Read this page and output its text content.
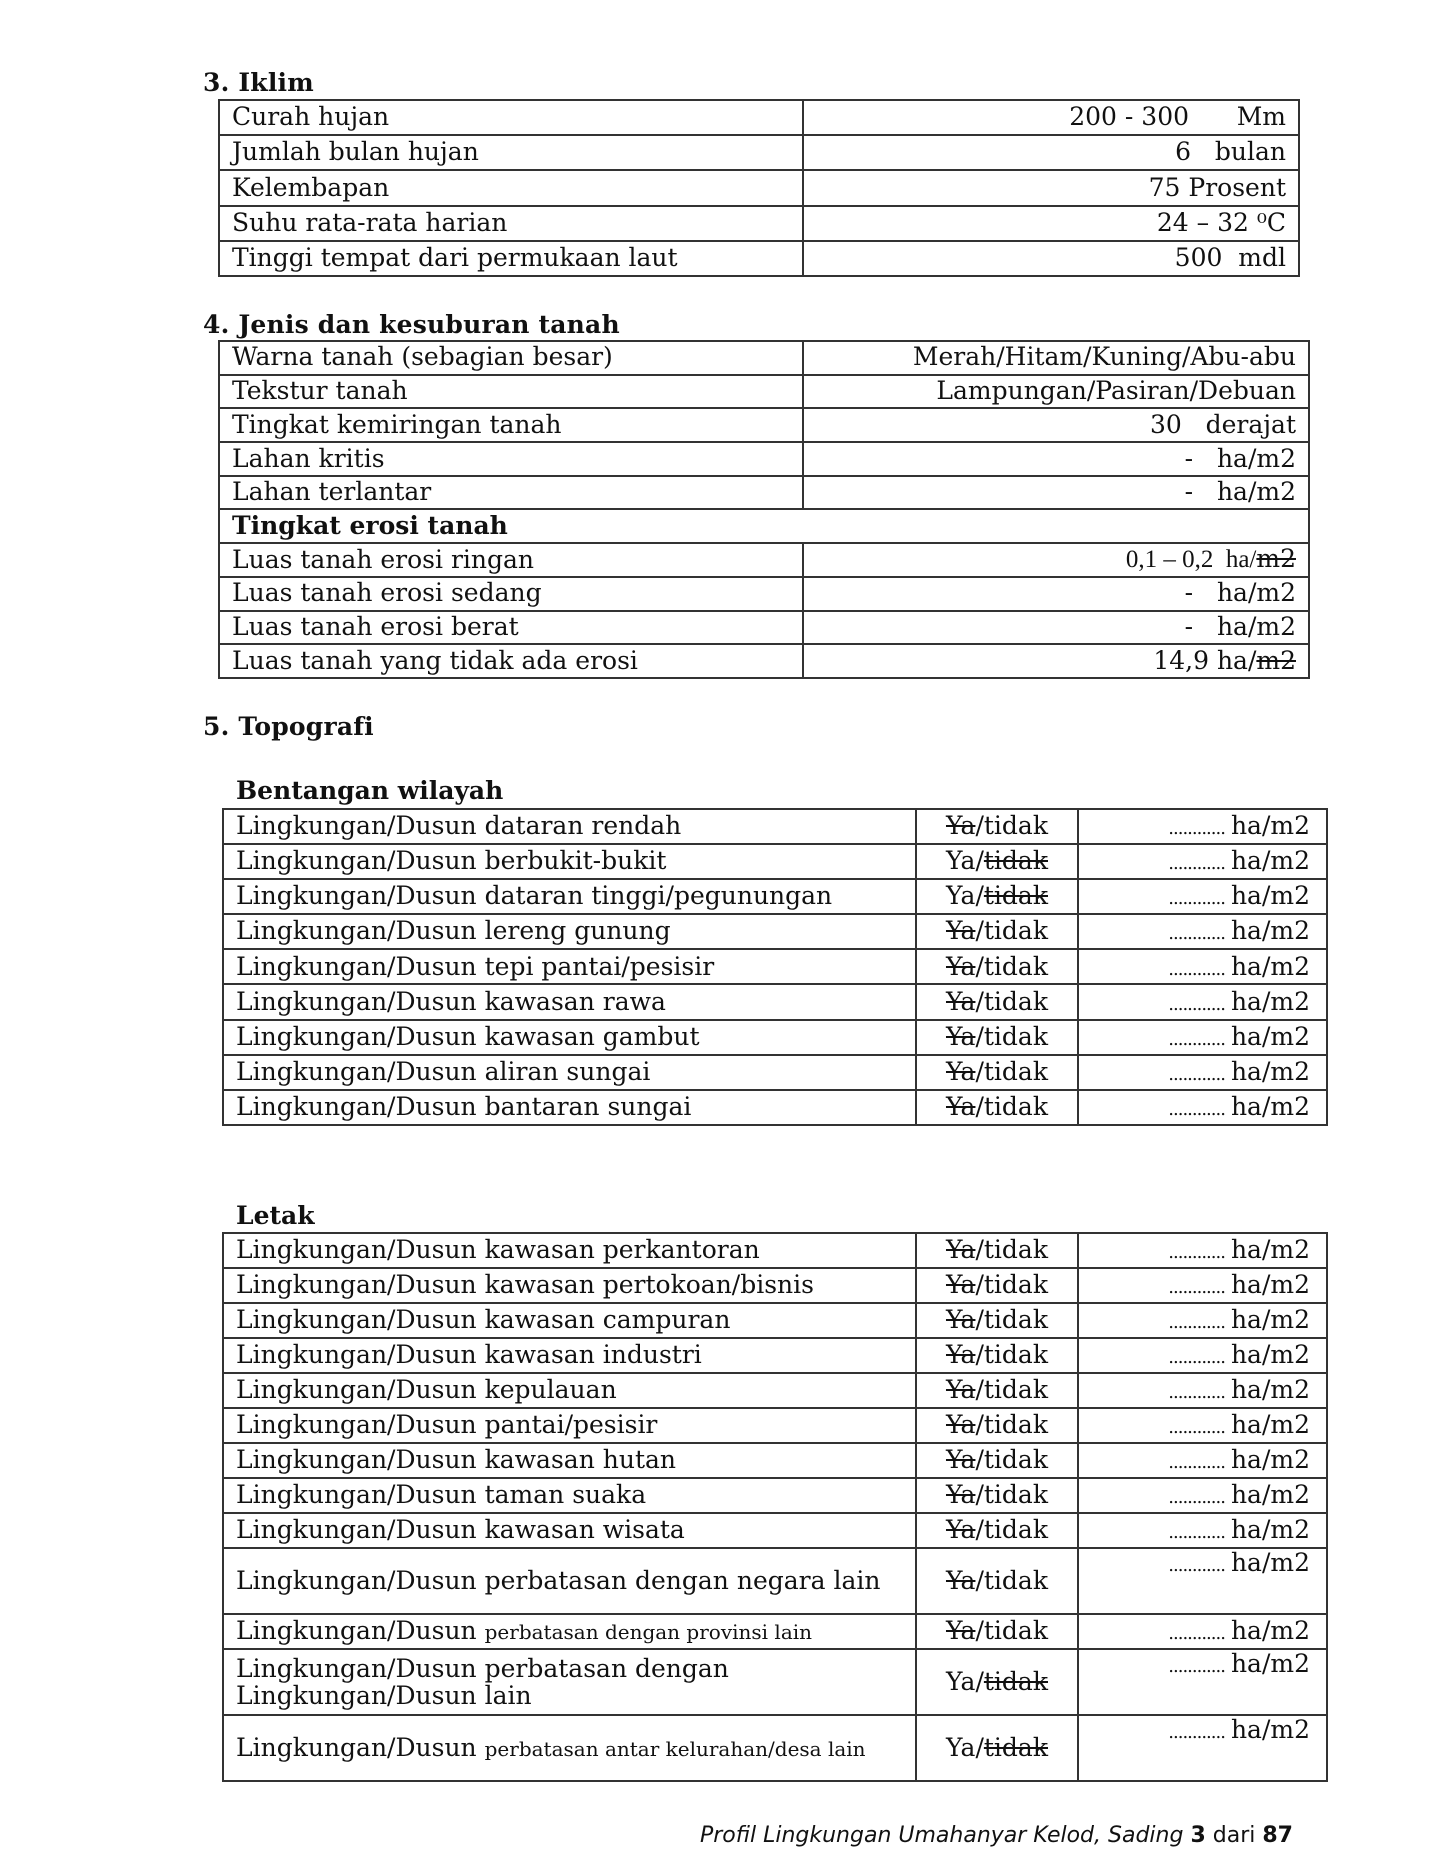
3. Iklim
Curah hujan	200 - 300      Mm
Jumlah bulan hujan	6   bulan
Kelembapan	75 Prosent
Suhu rata-rata harian	24 – 32 ⁰C
Tinggi tempat dari permukaan laut	500  mdl
4. Jenis dan kesuburan tanah
Warna tanah (sebagian besar)	Merah/Hitam/Kuning/Abu-abu
Tekstur tanah	Lampungan/Pasiran/Debuan
Tingkat kemiringan tanah	30   derajat
Lahan kritis	-   ha/m2
Lahan terlantar	-   ha/m2
Tingkat erosi tanah	
Luas tanah erosi ringan	0,1 – 0,2  ha/m2
Luas tanah erosi sedang	-   ha/m2
Luas tanah erosi berat	-   ha/m2
Luas tanah yang tidak ada erosi	14,9 ha/m2
5. Topografi
Bentangan wilayah
Lingkungan/Dusun dataran rendah	Ya/tidak	............ ha/m2
Lingkungan/Dusun berbukit-bukit	Ya/tidak	............ ha/m2
Lingkungan/Dusun dataran tinggi/pegunungan	Ya/tidak	............ ha/m2
Lingkungan/Dusun lereng gunung	Ya/tidak	............ ha/m2
Lingkungan/Dusun tepi pantai/pesisir	Ya/tidak	............ ha/m2
Lingkungan/Dusun kawasan rawa	Ya/tidak	............ ha/m2
Lingkungan/Dusun kawasan gambut	Ya/tidak	............ ha/m2
Lingkungan/Dusun aliran sungai	Ya/tidak	............ ha/m2
Lingkungan/Dusun bantaran sungai	Ya/tidak	............ ha/m2
Letak
Lingkungan/Dusun kawasan perkantoran	Ya/tidak	............ ha/m2
Lingkungan/Dusun kawasan pertokoan/bisnis	Ya/tidak	............ ha/m2
Lingkungan/Dusun kawasan campuran	Ya/tidak	............ ha/m2
Lingkungan/Dusun kawasan industri	Ya/tidak	............ ha/m2
Lingkungan/Dusun kepulauan	Ya/tidak	............ ha/m2
Lingkungan/Dusun pantai/pesisir	Ya/tidak	............ ha/m2
Lingkungan/Dusun kawasan hutan	Ya/tidak	............ ha/m2
Lingkungan/Dusun taman suaka	Ya/tidak	............ ha/m2
Lingkungan/Dusun kawasan wisata	Ya/tidak	............ ha/m2
Lingkungan/Dusun perbatasan dengan negara lain	Ya/tidak	............ ha/m2
Lingkungan/Dusun perbatasan dengan provinsi lain	Ya/tidak	............ ha/m2
Lingkungan/Dusun perbatasan dengan Lingkungan/Dusun lain	Ya/tidak	............ ha/m2
Lingkungan/Dusun perbatasan antar kelurahan/desa lain	Ya/tidak	............ ha/m2
Profil Lingkungan Umahanyar Kelod, Sading 3 dari 87
